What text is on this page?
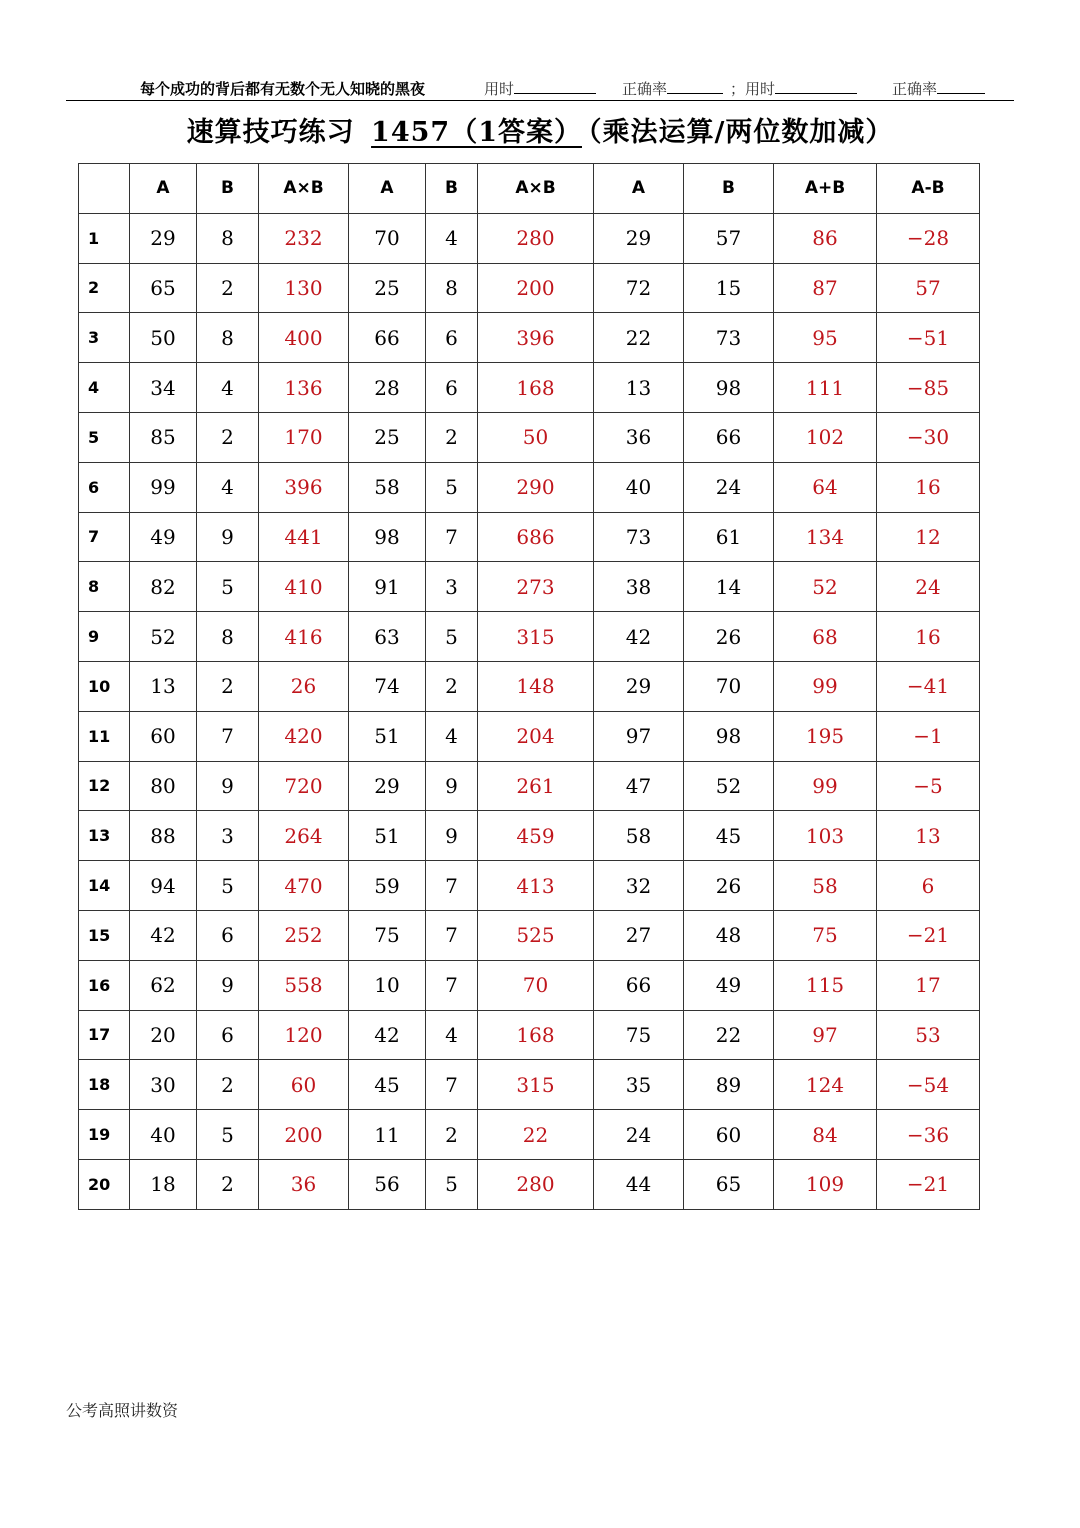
每个成功的背后都有无数个无人知晓的黑夜	用时	正确率	；用时	正确率
速算技巧练习 1457（1答案） （乘法运算/两位数加减）
	A	B	A×B	A	B	A×B	A	B	A+B	A-B
1	29	8	232	70	4	280	29	57	86	−28
2	65	2	130	25	8	200	72	15	87	57
3	50	8	400	66	6	396	22	73	95	−51
4	34	4	136	28	6	168	13	98	111	−85
5	85	2	170	25	2	50	36	66	102	−30
6	99	4	396	58	5	290	40	24	64	16
7	49	9	441	98	7	686	73	61	134	12
8	82	5	410	91	3	273	38	14	52	24
9	52	8	416	63	5	315	42	26	68	16
10	13	2	26	74	2	148	29	70	99	−41
11	60	7	420	51	4	204	97	98	195	−1
12	80	9	720	29	9	261	47	52	99	−5
13	88	3	264	51	9	459	58	45	103	13
14	94	5	470	59	7	413	32	26	58	6
15	42	6	252	75	7	525	27	48	75	−21
16	62	9	558	10	7	70	66	49	115	17
17	20	6	120	42	4	168	75	22	97	53
18	30	2	60	45	7	315	35	89	124	−54
19	40	5	200	11	2	22	24	60	84	−36
20	18	2	36	56	5	280	44	65	109	−21
公考高照讲数资
